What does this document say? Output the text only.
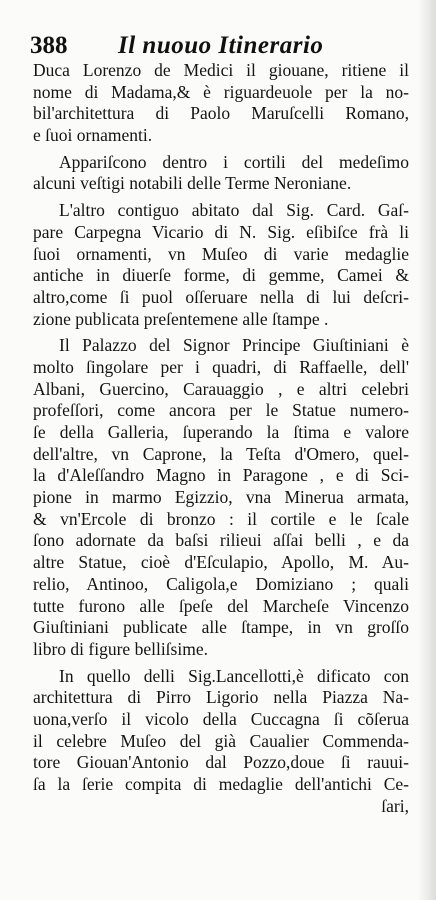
388 Il nuouo Itinerario
Duca Lorenzo de Medici il giouane, ritiene il
nome di Madama,& è riguardeuole per la no-
bil'architettura di Paolo Maruſcelli Romano,
e ſuoi ornamenti.
Appariſcono dentro i cortili del medeſimo
alcuni veſtigi notabili delle Terme Neroniane.
L'altro contiguo abitato dal Sig. Card. Gaſ-
pare Carpegna Vicario di N. Sig. eſibiſce frà li
ſuoi ornamenti, vn Muſeo di varie medaglie
antiche in diuerſe forme, di gemme, Camei &
altro,come ſi puol oſſeruare nella di lui deſcri-
zione publicata preſentemene alle ſtampe .
Il Palazzo del Signor Principe Giuſtiniani è
molto ſingolare per i quadri, di Raffaelle, dell'
Albani, Guercino, Carauaggio , e altri celebri
profeſſori, come ancora per le Statue numero-
ſe della Galleria, ſuperando la ſtima e valore
dell'altre, vn Caprone, la Teſta d'Omero, quel-
la d'Aleſſandro Magno in Paragone , e di Sci-
pione in marmo Egizzio, vna Mineruа armata,
& vn'Ercole di bronzo : il cortile e le ſcale
ſono adornate da baſsi rilieui aſſai belli , e da
altre Statue, cioè d'Eſculapio, Apollo, M. Au-
relio, Antinoo, Caligola,e Domiziano ; quali
tutte furono alle ſpeſe del Marcheſe Vincenzo
Giuſtiniani publicate alle ſtampe, in vn groſſo
libro di figure belliſsime.
In quello delli Sig.Lancellotti,è dificato con
architettura di Pirro Ligorio nella Piazza Na-
uona,verſo il vicolo della Cuccagna ſi cõſerua
il celebre Muſeo del già Caualier Commenda-
tore Giouan'Antonio dal Pozzo,doue ſi rauui-
ſa la ſerie compita di medaglie dell'antichi Ce-
ſari,
